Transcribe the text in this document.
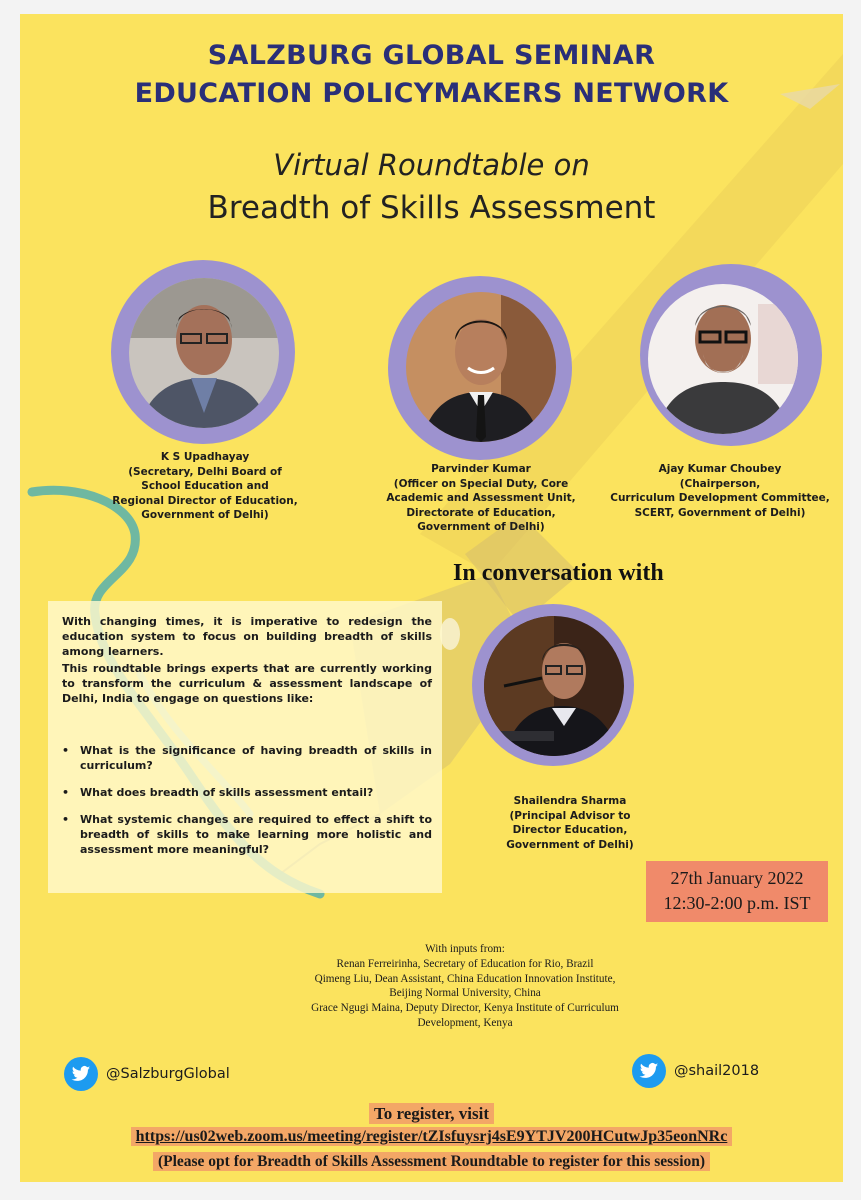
SALZBURG GLOBAL SEMINAR
EDUCATION POLICYMAKERS NETWORK
Virtual Roundtable on
Breadth of Skills Assessment
K S Upadhayay
(Secretary, Delhi Board of
School Education and
Regional Director of Education,
Government of Delhi)
Parvinder Kumar
(Officer on Special Duty, Core
Academic and Assessment Unit,
Directorate of Education,
Government of Delhi)
Ajay Kumar Choubey
(Chairperson,
Curriculum Development Committee,
SCERT, Government of Delhi)
In conversation with

With changing times, it is imperative to redesign the education system to focus on building breadth of skills among learners.

This roundtable brings experts that are currently working to transform the curriculum & assessment landscape of Delhi, India to engage on questions like:

• What is the significance of having breadth of skills in curriculum?
• What does breadth of skills assessment entail?
• What systemic changes are required to effect a shift to breadth of skills to make learning more holistic and assessment more meaningful?
Shailendra Sharma
(Principal Advisor to
Director Education,
Government of Delhi)
27th January 2022
12:30-2:00 p.m. IST
With inputs from:
Renan Ferreirinha, Secretary of Education for Rio, Brazil
Qimeng Liu, Dean Assistant, China Education Innovation Institute,
Beijing Normal University, China
Grace Ngugi Maina, Deputy Director, Kenya Institute of Curriculum
Development, Kenya
@SalzburgGlobal	@shail2018
To register, visit
https://us02web.zoom.us/meeting/register/tZIsfuysrj4sE9YTJV200HCutwJp35eonNRc
(Please opt for Breadth of Skills Assessment Roundtable to register for this session)
